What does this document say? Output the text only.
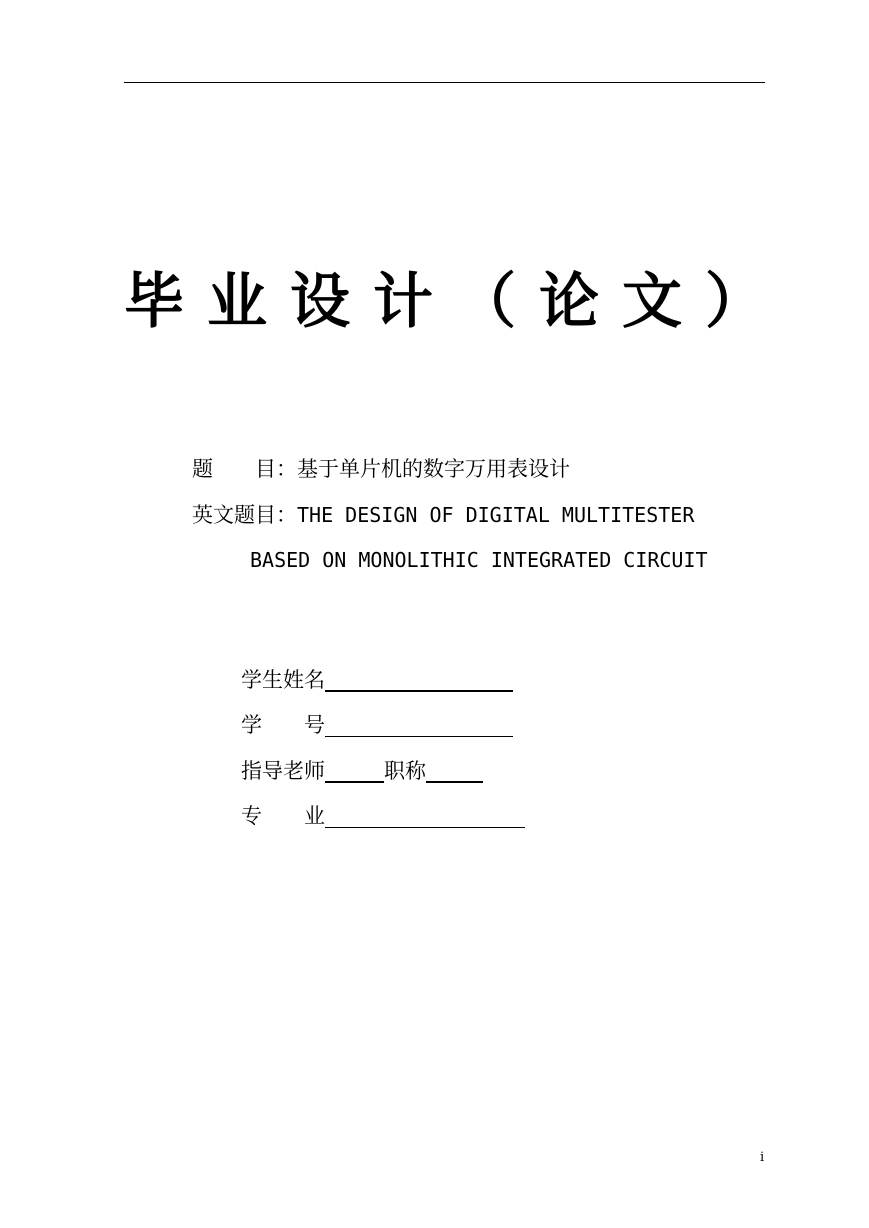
毕 业 设 计 （ 论 文 ）
题　　目：基于单片机的数字万用表设计
英文题目：THE DESIGN OF DIGITAL MULTITESTER
BASED ON MONOLITHIC INTEGRATED CIRCUIT
学生姓名
学　　号
指导老师	职称
专　　业
i
